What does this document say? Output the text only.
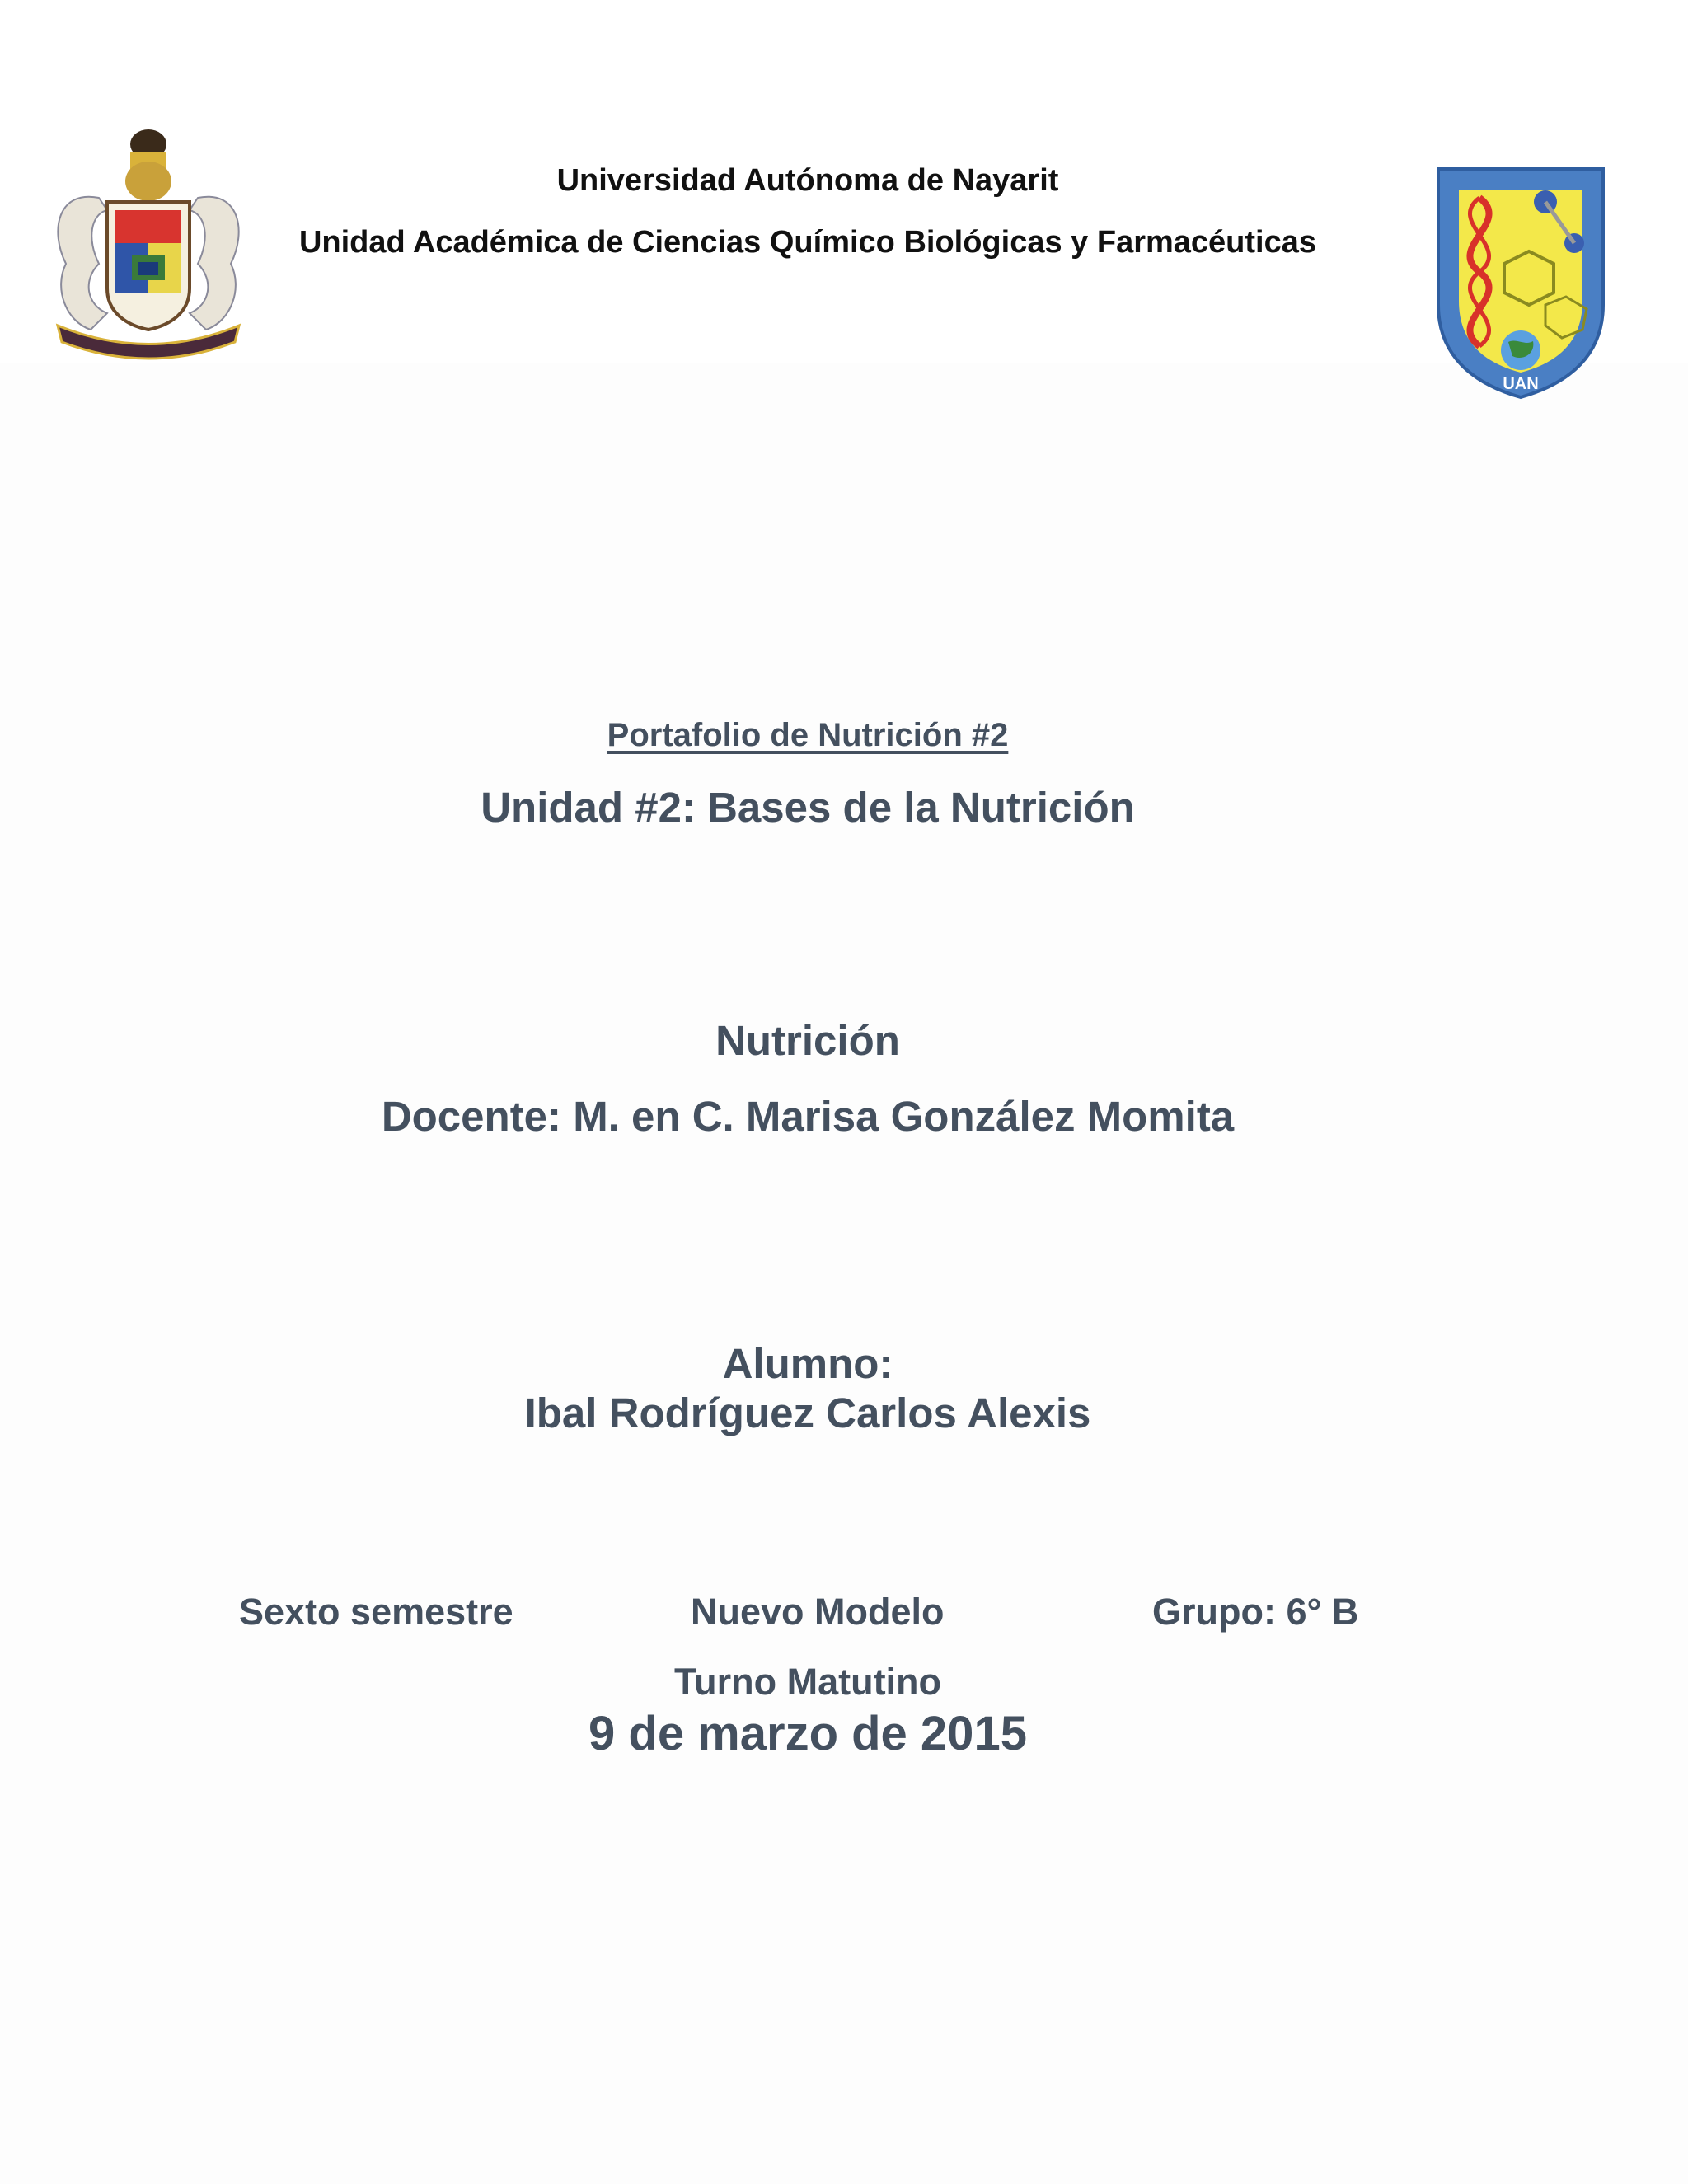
UAN
Universidad Autónoma de Nayarit
Unidad Académica de Ciencias Químico Biológicas y Farmacéuticas
Portafolio de Nutrición #2
Unidad #2: Bases de la Nutrición
Nutrición
Docente: M. en C. Marisa González Momita
Alumno:
Ibal Rodríguez Carlos Alexis
Sexto semestre	Nuevo Modelo	Grupo: 6° B
Turno Matutino
9 de marzo de 2015
